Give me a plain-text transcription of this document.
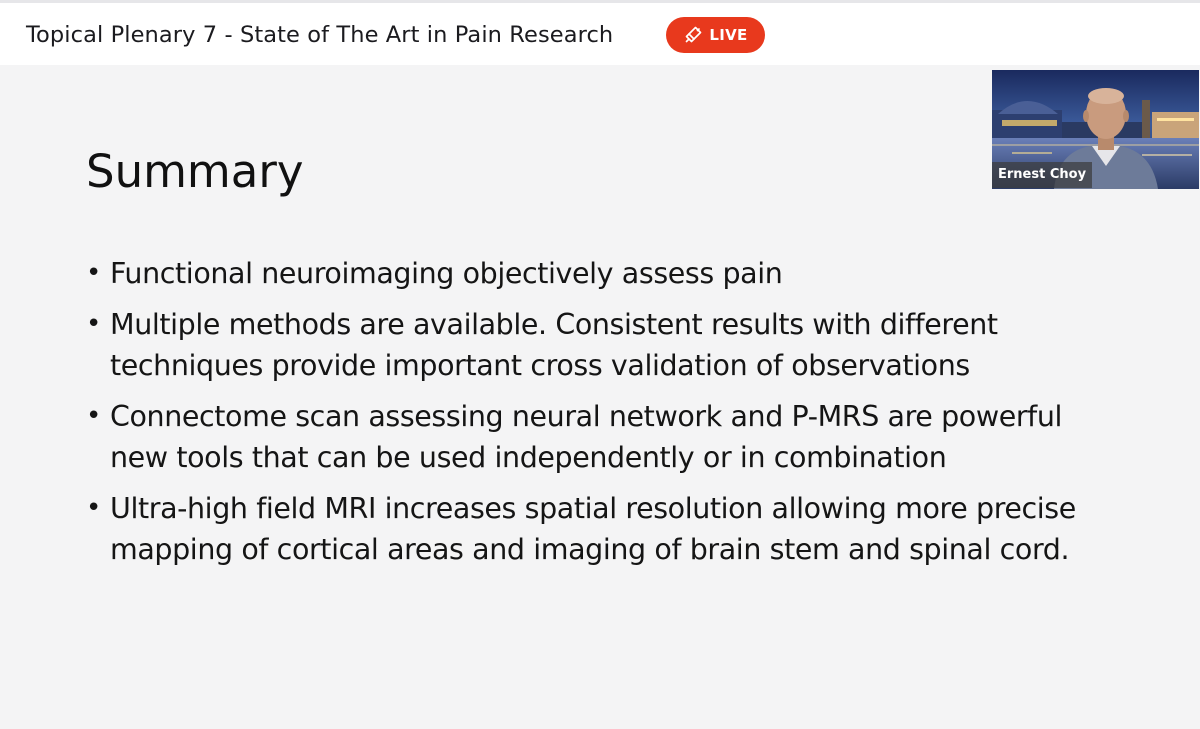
Topical Plenary 7 - State of The Art in Pain Research	LIVE
Summary
• Functional neuroimaging objectively assess pain
• Multiple methods are available. Consistent results with different techniques provide important cross validation of observations
• Connectome scan assessing neural network and P-MRS are powerful new tools that can be used independently or in combination
• Ultra-high field MRI increases spatial resolution allowing more precise mapping of cortical areas and imaging of brain stem and spinal cord.
Ernest Choy
